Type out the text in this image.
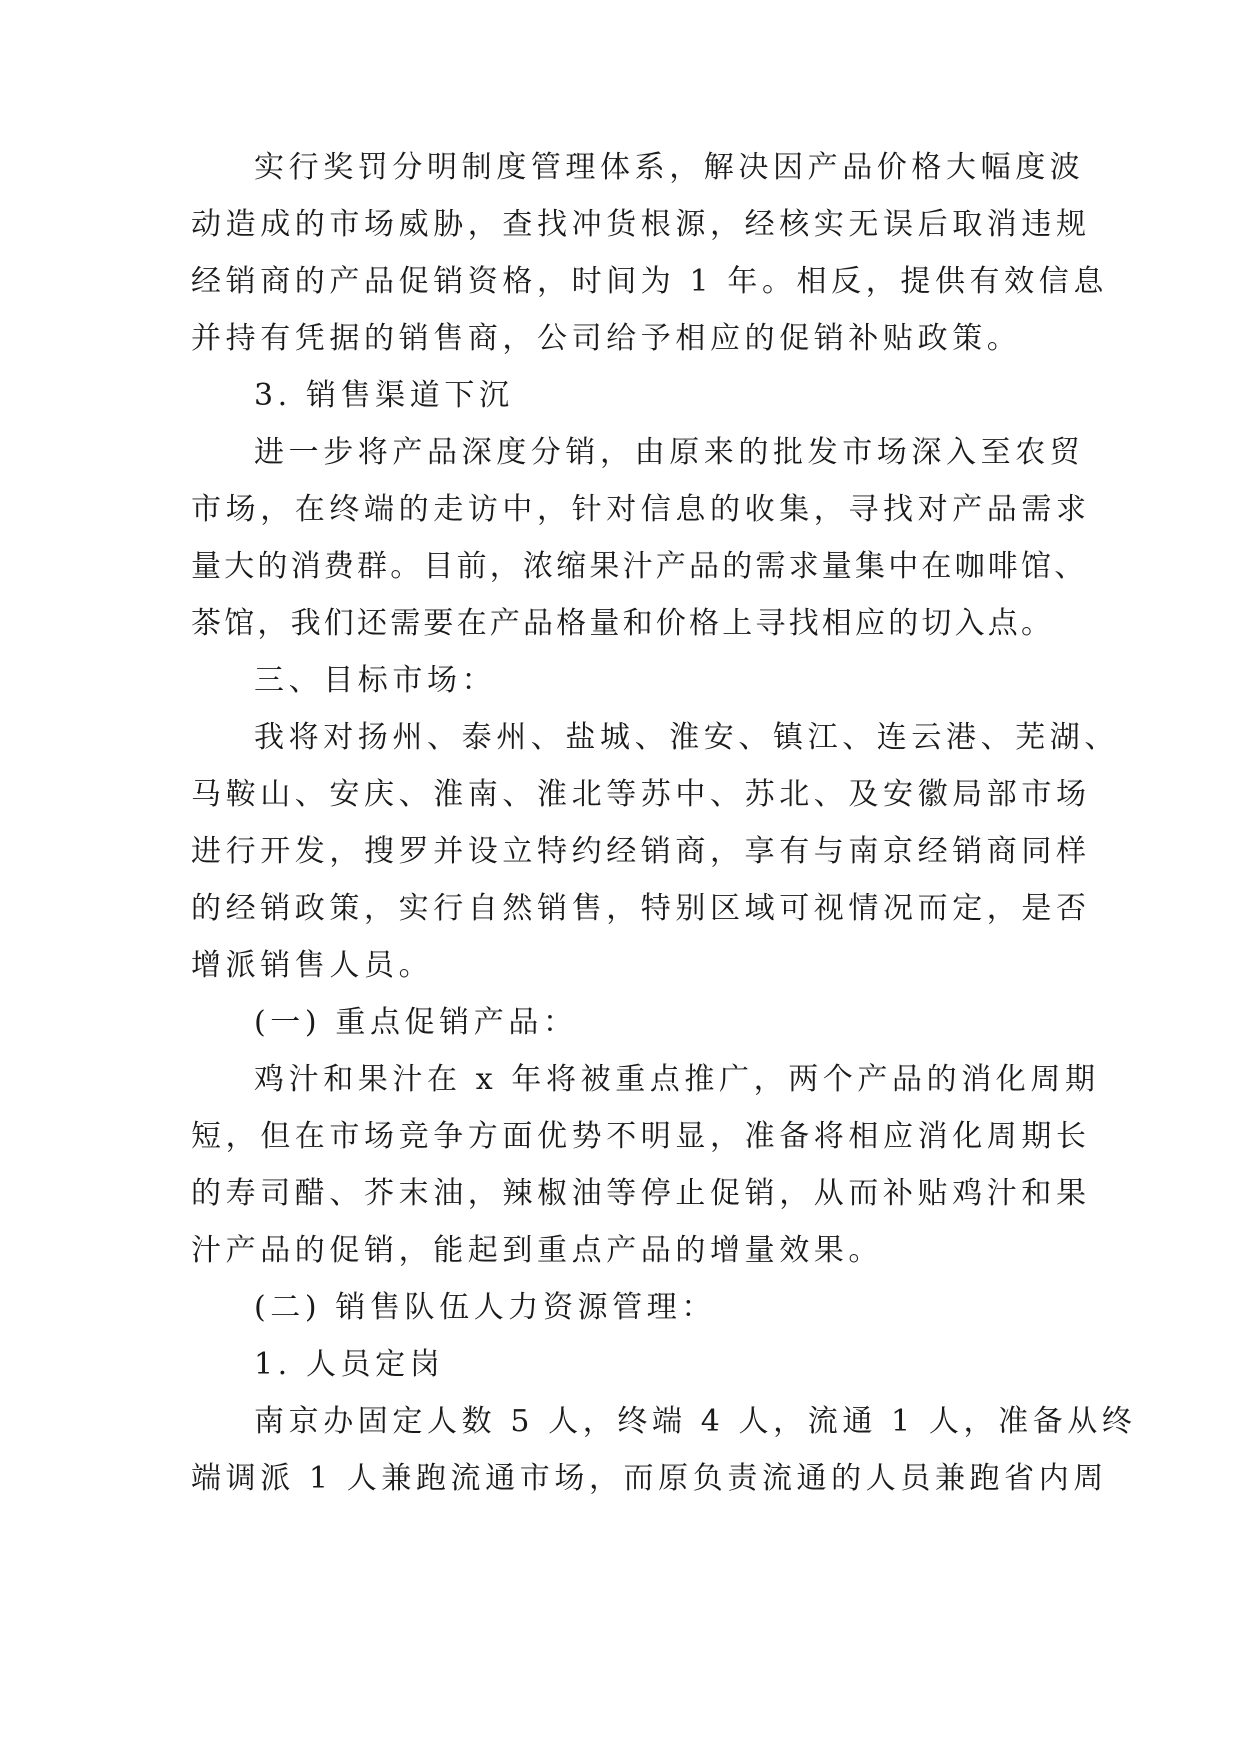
实行奖罚分明制度管理体系，解决因产品价格大幅度波

动造成的市场威胁，查找冲货根源，经核实无误后取消违规

经销商的产品促销资格，时间为 1 年。相反，提供有效信息

并持有凭据的销售商，公司给予相应的促销补贴政策。

3. 销售渠道下沉

进一步将产品深度分销，由原来的批发市场深入至农贸

市场，在终端的走访中，针对信息的收集，寻找对产品需求

量大的消费群。目前，浓缩果汁产品的需求量集中在咖啡馆、

茶馆，我们还需要在产品格量和价格上寻找相应的切入点。

三、目标市场：

我将对扬州、泰州、盐城、淮安、镇江、连云港、芜湖、

马鞍山、安庆、淮南、淮北等苏中、苏北、及安徽局部市场

进行开发，搜罗并设立特约经销商，享有与南京经销商同样

的经销政策，实行自然销售，特别区域可视情况而定，是否

增派销售人员。

(一) 重点促销产品：

鸡汁和果汁在 x 年将被重点推广，两个产品的消化周期

短，但在市场竞争方面优势不明显，准备将相应消化周期长

的寿司醋、芥末油，辣椒油等停止促销，从而补贴鸡汁和果

汁产品的促销，能起到重点产品的增量效果。

(二) 销售队伍人力资源管理：

1. 人员定岗

南京办固定人数 5 人，终端 4 人，流通 1 人，准备从终

端调派 1 人兼跑流通市场，而原负责流通的人员兼跑省内周
